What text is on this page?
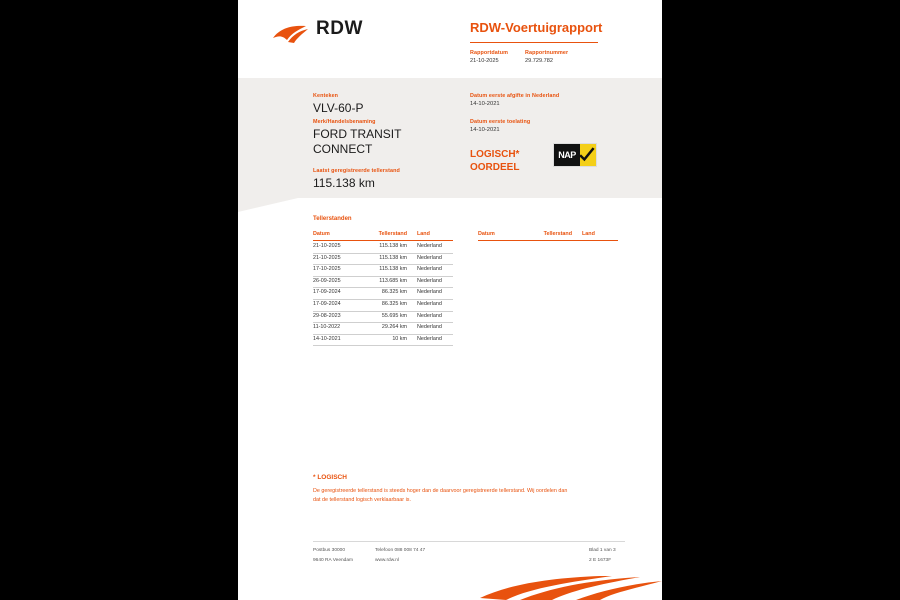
RDW	RDW-Voertuigrapport
Rapportdatum
21-10-2025
Rapportnummer
29.729.782
Kenteken
VLV-60-P
Merk/Handelsbenaming
FORD TRANSIT
CONNECT
Laatst geregistreerde tellerstand
115.138 km
Datum eerste afgifte in Nederland
14-10-2021
Datum eerste toelating
14-10-2021
LOGISCH*
OORDEEL
NAP
Tellerstanden
Datum	Tellerstand Land	Datum	Tellerstand Land
21-10-2025	115.138 km Nederland
21-10-2025	115.138 km Nederland
17-10-2025	115.138 km Nederland
26-09-2025	113.685 km Nederland
17-09-2024	86.325 km Nederland
17-09-2024	86.325 km Nederland
29-08-2023	55.695 km Nederland
11-10-2022	29.264 km Nederland
14-10-2021	10 km Nederland
* LOGISCH
De geregistreerde tellerstand is steeds hoger dan de daarvoor geregistreerde tellerstand. Wij oordelen dan
dat de tellerstand logisch verklaarbaar is.
Postbus 30000
9640 RA Veendam
Telefoon 088 008 74 47
www.rdw.nl
Blad 1 van 3
2 E 1673F
